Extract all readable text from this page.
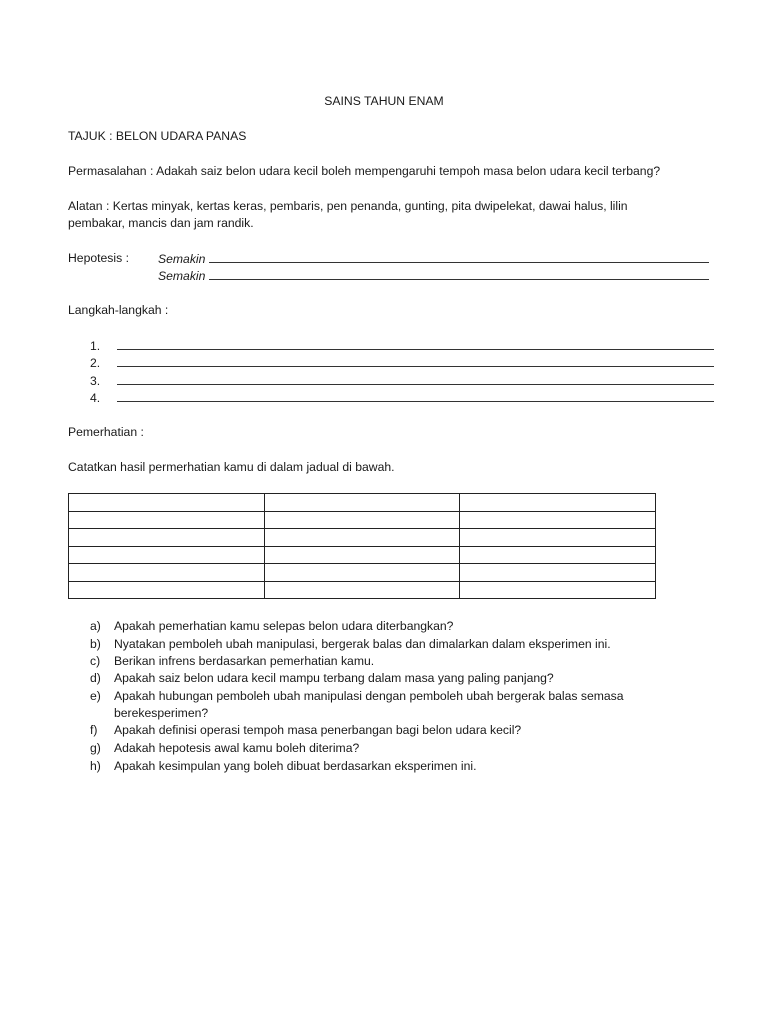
SAINS TAHUN ENAM
TAJUK : BELON UDARA PANAS
Permasalahan : Adakah saiz belon udara kecil boleh mempengaruhi tempoh masa belon udara kecil terbang?
Alatan : Kertas minyak, kertas keras, pembaris, pen penanda, gunting, pita dwipelekat, dawai halus, lilin
pembakar, mancis dan jam randik.
Hepotesis : Semakin
Semakin
Langkah-langkah :
1.
2.
3.
4.
Pemerhatian :
Catatkan hasil permerhatian kamu di dalam jadual di bawah.

a) Apakah pemerhatian kamu selepas belon udara diterbangkan?
b) Nyatakan pemboleh ubah manipulasi, bergerak balas dan dimalarkan dalam eksperimen ini.
c) Berikan infrens berdasarkan pemerhatian kamu.
d) Apakah saiz belon udara kecil mampu terbang dalam masa yang paling panjang?
e) Apakah hubungan pemboleh ubah manipulasi dengan pemboleh ubah bergerak balas semasa berekesperimen?
f) Apakah definisi operasi tempoh masa penerbangan bagi belon udara kecil?
g) Adakah hepotesis awal kamu boleh diterima?
h) Apakah kesimpulan yang boleh dibuat berdasarkan eksperimen ini.
